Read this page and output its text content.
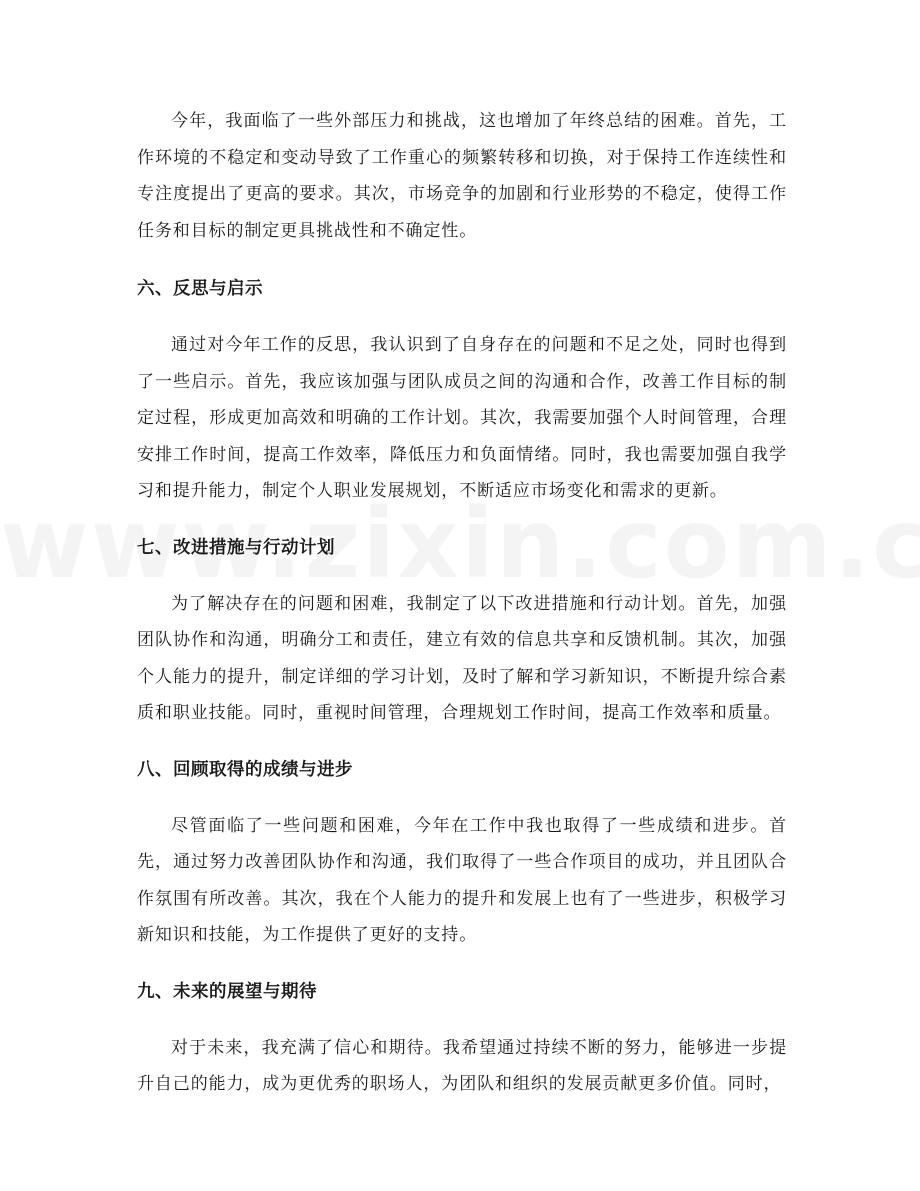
今年，我面临了一些外部压力和挑战，这也增加了年终总结的困难。首先，工作环境的不稳定和变动导致了工作重心的频繁转移和切换，对于保持工作连续性和专注度提出了更高的要求。其次，市场竞争的加剧和行业形势的不稳定，使得工作任务和目标的制定更具挑战性和不确定性。

六、反思与启示

通过对今年工作的反思，我认识到了自身存在的问题和不足之处，同时也得到了一些启示。首先，我应该加强与团队成员之间的沟通和合作，改善工作目标的制定过程，形成更加高效和明确的工作计划。其次，我需要加强个人时间管理，合理安排工作时间，提高工作效率，降低压力和负面情绪。同时，我也需要加强自我学习和提升能力，制定个人职业发展规划，不断适应市场变化和需求的更新。

七、改进措施与行动计划

为了解决存在的问题和困难，我制定了以下改进措施和行动计划。首先，加强团队协作和沟通，明确分工和责任，建立有效的信息共享和反馈机制。其次，加强个人能力的提升，制定详细的学习计划，及时了解和学习新知识，不断提升综合素质和职业技能。同时，重视时间管理，合理规划工作时间，提高工作效率和质量。

八、回顾取得的成绩与进步

尽管面临了一些问题和困难，今年在工作中我也取得了一些成绩和进步。首先，通过努力改善团队协作和沟通，我们取得了一些合作项目的成功，并且团队合作氛围有所改善。其次，我在个人能力的提升和发展上也有了一些进步，积极学习新知识和技能，为工作提供了更好的支持。

九、未来的展望与期待

对于未来，我充满了信心和期待。我希望通过持续不断的努力，能够进一步提升自己的能力，成为更优秀的职场人，为团队和组织的发展贡献更多价值。同时，
